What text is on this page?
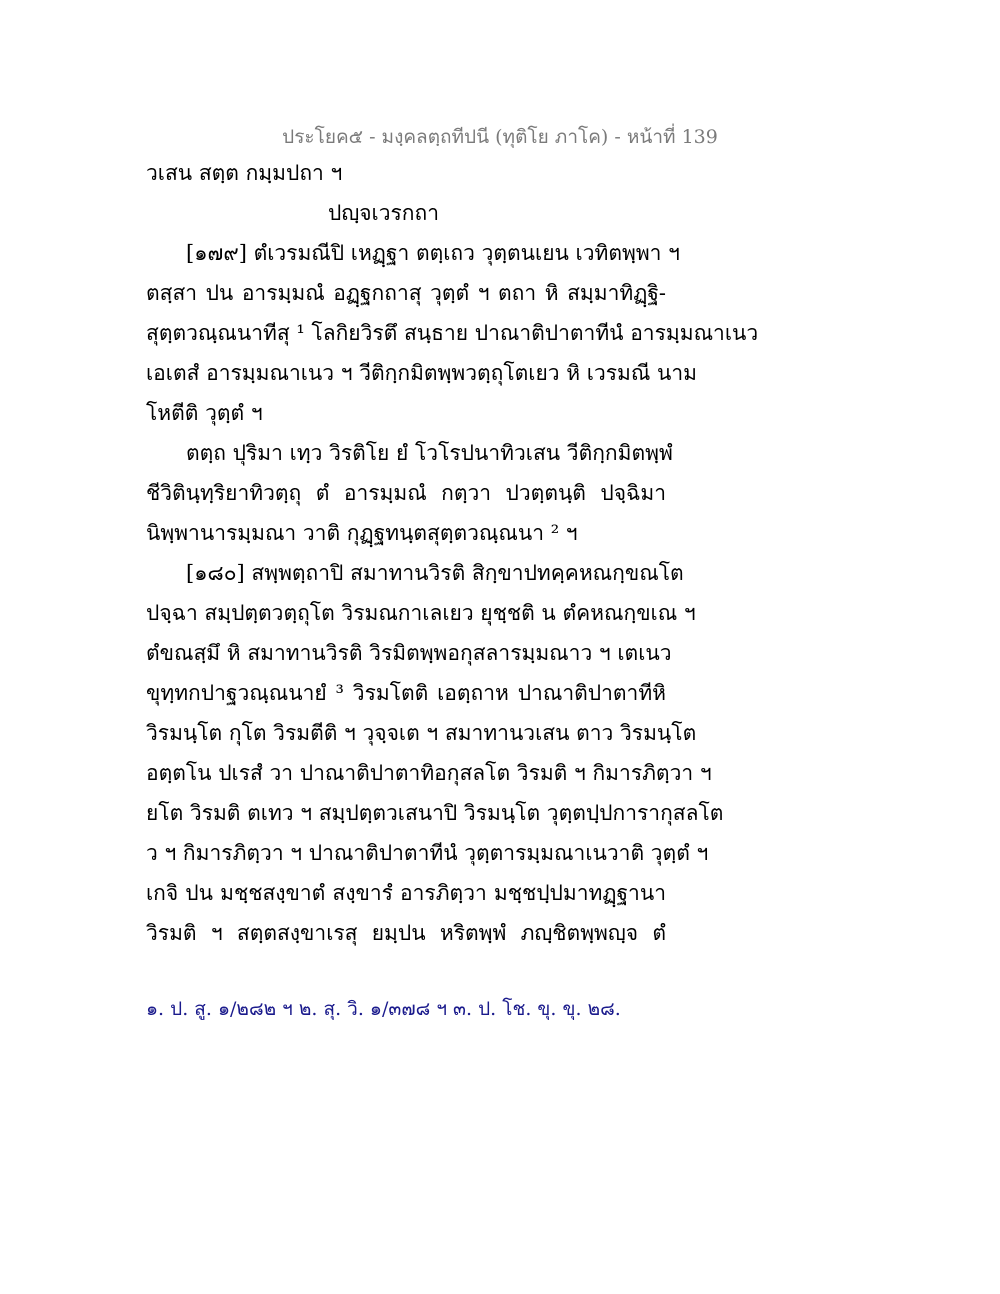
ประโยค๕ - มงฺคลตฺถทีปนี (ทุติโย ภาโค) - หน้าที่ 139
วเสน สตฺต กมฺมปถา ฯ
ปญฺจเวรกถา
[๑๗๙] ตํเวรมณีปิ เหฏฺฐา ตตฺเถว วุตฺตนเยน เวทิตพฺพา ฯ
ตสฺสา ปน อารมฺมณํ อฏฺฐกถาสุ วุตฺตํ ฯ ตถา หิ สมฺมาทิฏฺฐิ-
สุตฺตวณฺณนาทีสุ ¹ โลกิยวิรตึ สนฺธาย ปาณาติปาตาทีนํ อารมฺมณาเนว
เอเตสํ อารมฺมณาเนว ฯ วีติกฺกมิตพฺพวตฺถุโตเยว หิ เวรมณี นาม
โหตีติ วุตฺตํ ฯ
ตตฺถ ปุริมา เทฺว วิรติโย ยํ โวโรปนาทิวเสน วีติกฺกมิตพฺพํ
ชีวิตินฺทฺริยาทิวตฺถุ ตํ อารมฺมณํ กตฺวา ปวตฺตนฺติ ปจฺฉิมา
นิพฺพานารมฺมณา วาติ กุฏฺฐทนฺตสุตฺตวณฺณนา ² ฯ
[๑๘๐] สพฺพตฺถาปิ สมาทานวิรติ สิกฺขาปทคฺคหณกฺขณโต
ปจฺฉา สมฺปตฺตวตฺถุโต วิรมณกาเลเยว ยุชฺชติ น ตํคหณกฺขเณ ฯ
ตํขณสฺมึ หิ สมาทานวิรติ วิรมิตพฺพอกุสลารมฺมณาว ฯ เตเนว
ขุทฺทกปาฐวณฺณนายํ ³ วิรมโตติ เอตฺถาห ปาณาติปาตาทีหิ
วิรมนฺโต กุโต วิรมตีติ ฯ วุจฺจเต ฯ สมาทานวเสน ตาว วิรมนฺโต
อตฺตโน ปเรสํ วา ปาณาติปาตาทิอกุสลโต วิรมติ ฯ กิมารภิตฺวา ฯ
ยโต วิรมติ ตเทว ฯ สมฺปตฺตวเสนาปิ วิรมนฺโต วุตฺตปฺปการากุสลโต
ว ฯ กิมารภิตฺวา ฯ ปาณาติปาตาทีนํ วุตฺตารมฺมณาเนวาติ วุตฺตํ ฯ
เกจิ ปน มชฺชสงฺขาตํ สงฺขารํ อารภิตฺวา มชฺชปฺปมาทฏฺฐานา
วิรมติ ฯ สตฺตสงฺขาเรสุ ยมฺปน หริตพฺพํ ภญฺชิตพฺพญฺจ ตํ
๑. ป. สู. ๑/๒๘๒ ฯ ๒. สุ. วิ. ๑/๓๗๘ ฯ ๓. ป. โช. ขุ. ขุ. ๒๘.
